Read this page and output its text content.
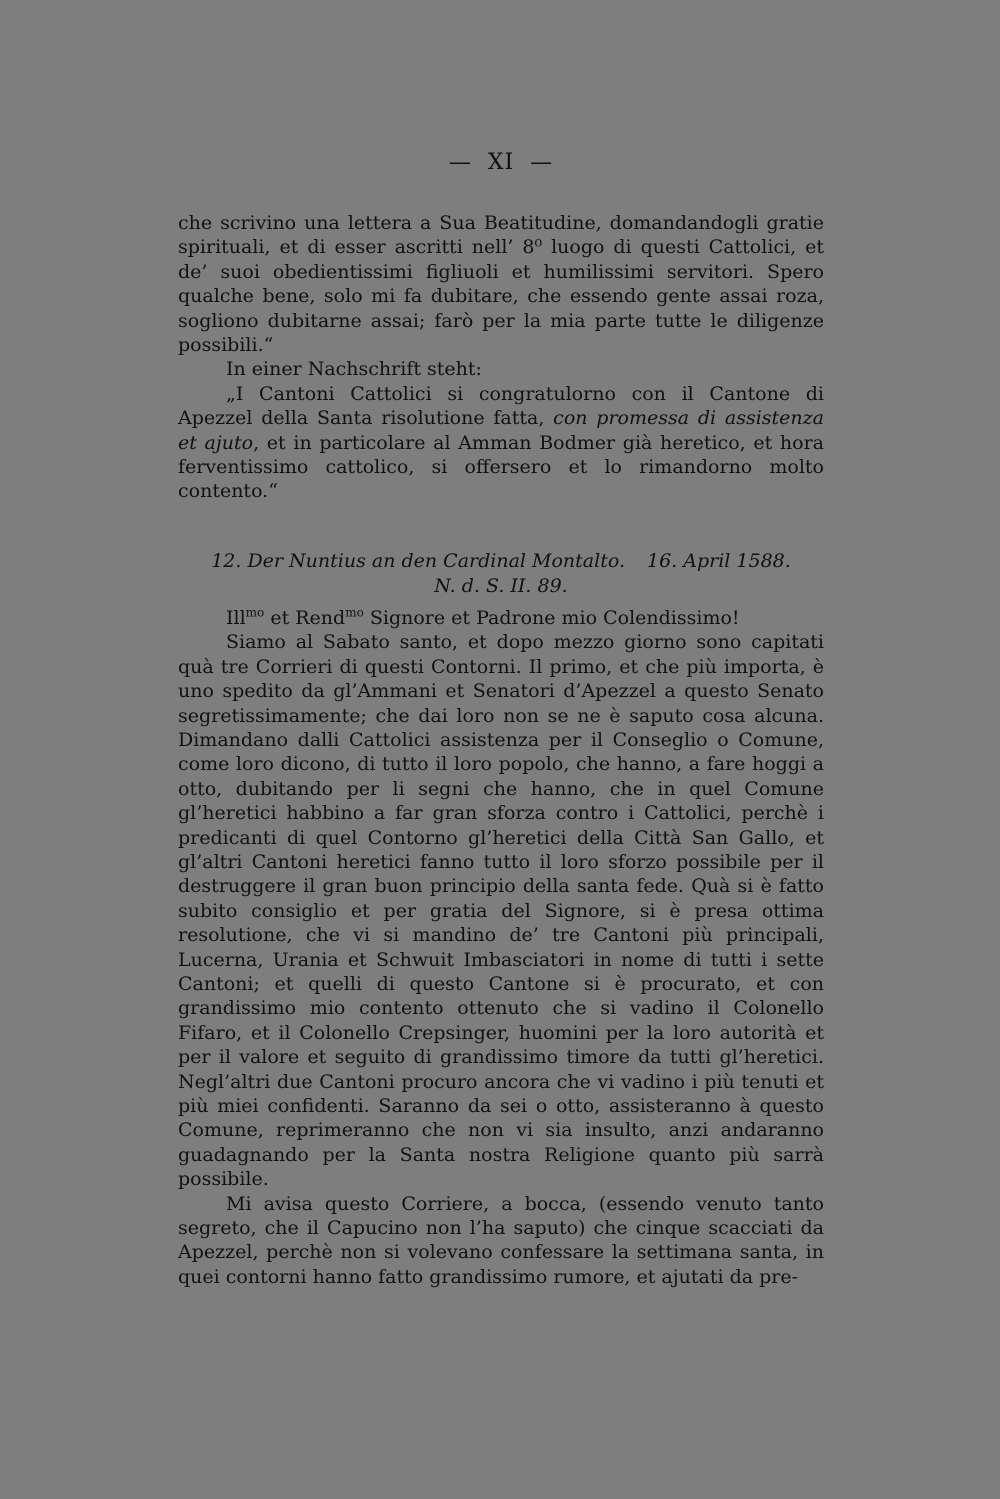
— XI —

che scrivino una lettera a Sua Beatitudine, domandandogli gratie spirituali, et di esser ascritti nell’ 8⁰ luogo di questi Cattolici, et de’ suoi obedientissimi figliuoli et humilissimi servitori. Spero qualche bene, solo mi fa dubitare, che essendo gente assai roza, sogliono dubitarne assai; farò per la mia parte tutte le diligenze possibili.“

In einer Nachschrift steht:

„I Cantoni Cattolici si congratulorno con il Cantone di Apezzel della Santa risolutione fatta, con promessa di assistenza et ajuto, et in particolare al Amman Bodmer già heretico, et hora ferventissimo cattolico, si offersero et lo rimandorno molto contento.“

12. Der Nuntius an den Cardinal Montalto. 16. April 1588.
N. d. S. II. 89.

Ill$^{mo}$ et Rend$^{mo}$ Signore et Padrone mio Colendissimo!

Siamo al Sabato santo, et dopo mezzo giorno sono capitati quà tre Corrieri di questi Contorni. Il primo, et che più importa, è uno spedito da gl’Ammani et Senatori d’Apezzel a questo Senato segretissimamente; che dai loro non se ne è saputo cosa alcuna. Dimandano dalli Cattolici assistenza per il Conseglio o Comune, come loro dicono, di tutto il loro popolo, che hanno, a fare hoggi a otto, dubitando per li segni che hanno, che in quel Comune gl’heretici habbino a far gran sforza contro i Cattolici, perchè i predicanti di quel Contorno gl’heretici della Città San Gallo, et gl’altri Cantoni heretici fanno tutto il loro sforzo possibile per il destruggere il gran buon principio della santa fede. Quà si è fatto subito consiglio et per gratia del Signore, si è presa ottima resolutione, che vi si mandino de’ tre Cantoni più principali, Lucerna, Urania et Schwuit Imbasciatori in nome di tutti i sette Cantoni; et quelli di questo Cantone si è procurato, et con grandissimo mio contento ottenuto che si vadino il Colonello Fifaro, et il Colonello Crepsinger, huomini per la loro autorità et per il valore et seguito di grandissimo timore da tutti gl’heretici. Negl’altri due Cantoni procuro ancora che vi vadino i più tenuti et più miei confidenti. Saranno da sei o otto, assisteranno à questo Comune, reprimeranno che non vi sia insulto, anzi andaranno guadagnando per la Santa nostra Religione quanto più sarrà possibile.

Mi avisa questo Corriere, a bocca, (essendo venuto tanto segreto, che il Capucino non l’ha saputo) che cinque scacciati da Apezzel, perchè non si volevano confessare la settimana santa, in quei contorni hanno fatto grandissimo rumore, et ajutati da pre-
